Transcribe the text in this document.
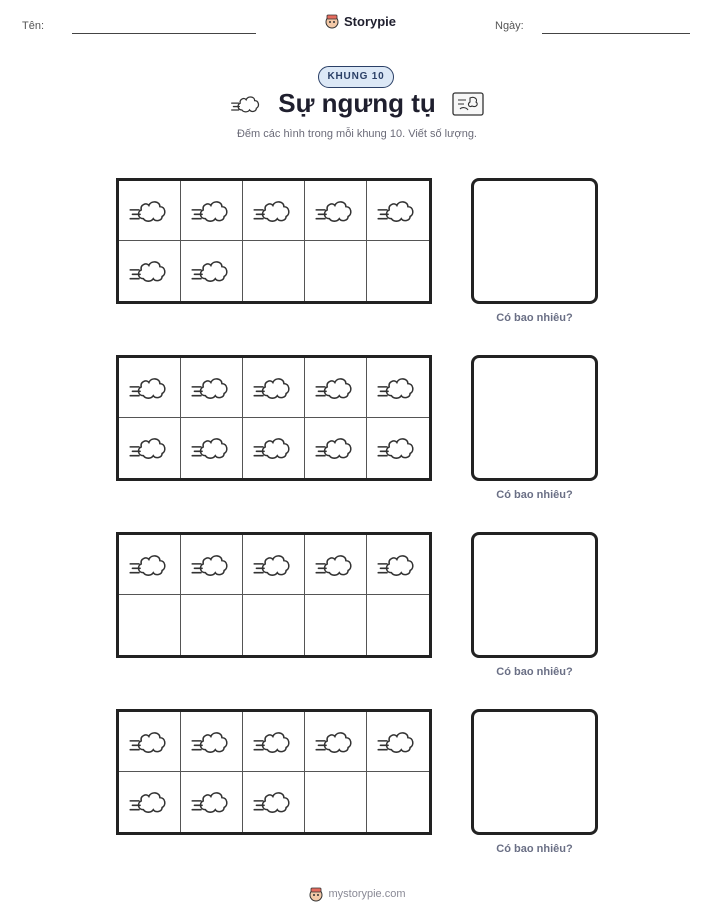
Tên:	Storypie	Ngày:
KHUNG 10
Sự ngưng tụ
Đếm các hình trong mỗi khung 10. Viết số lượng.
Có bao nhiêu?
Có bao nhiêu?
Có bao nhiêu?
Có bao nhiêu?
mystorypie.com
